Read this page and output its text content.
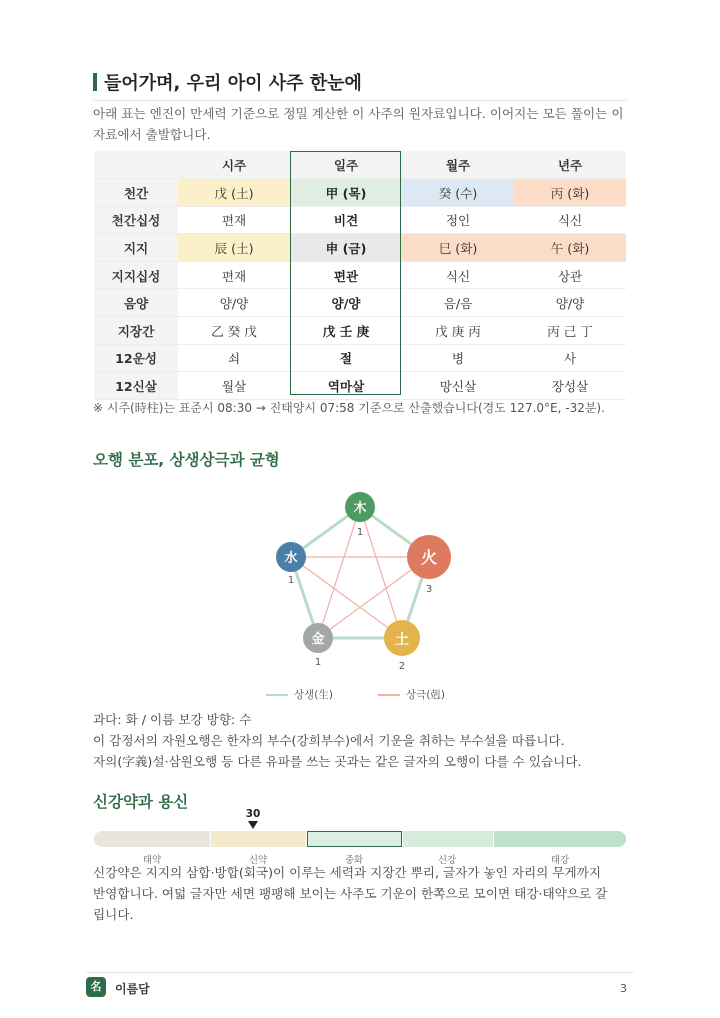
들어가며, 우리 아이 사주 한눈에
아래 표는 엔진이 만세력 기준으로 정밀 계산한 이 사주의 원자료입니다. 이어지는 모든 풀이는 이 자료에서 출발합니다.
	시주	일주	월주	년주
천간	戊 (土)	甲 (목)	癸 (수)	丙 (화)
천간십성	편재	비견	정인	식신
지지	辰 (土)	申 (금)	巳 (화)	午 (화)
지지십성	편재	편관	식신	상관
음양	양/양	양/양	음/음	양/양
지장간	乙 癸 戊	戊 壬 庚	戊 庚 丙	丙 己 丁
12운성	쇠	절	병	사
12신살	월살	역마살	망신살	장성살
※ 시주(時柱)는 표준시 08:30 → 진태양시 07:58 기준으로 산출했습니다(경도 127.0°E, -32분).
오행 분포, 상생상극과 균형
木
1
火
3
土
2
金
1
水
1
상생(生)	상극(剋)
과다: 화 / 이름 보강 방향: 수
이 감정서의 자원오행은 한자의 부수(강희부수)에서 기운을 취하는 부수설을 따릅니다.
자의(字義)설·삼원오행 등 다른 유파를 쓰는 곳과는 같은 글자의 오행이 다를 수 있습니다.
신강약과 용신
30
태약	신약	중화	신강	태강
신강약은 지지의 삼합·방합(회국)이 이루는 세력과 지장간 뿌리, 글자가 놓인 자리의 무게까지 반영합니다. 여덟 글자만 세면 팽팽해 보이는 사주도 기운이 한쪽으로 모이면 태강·태약으로 갈립니다.
名	이름담	3
